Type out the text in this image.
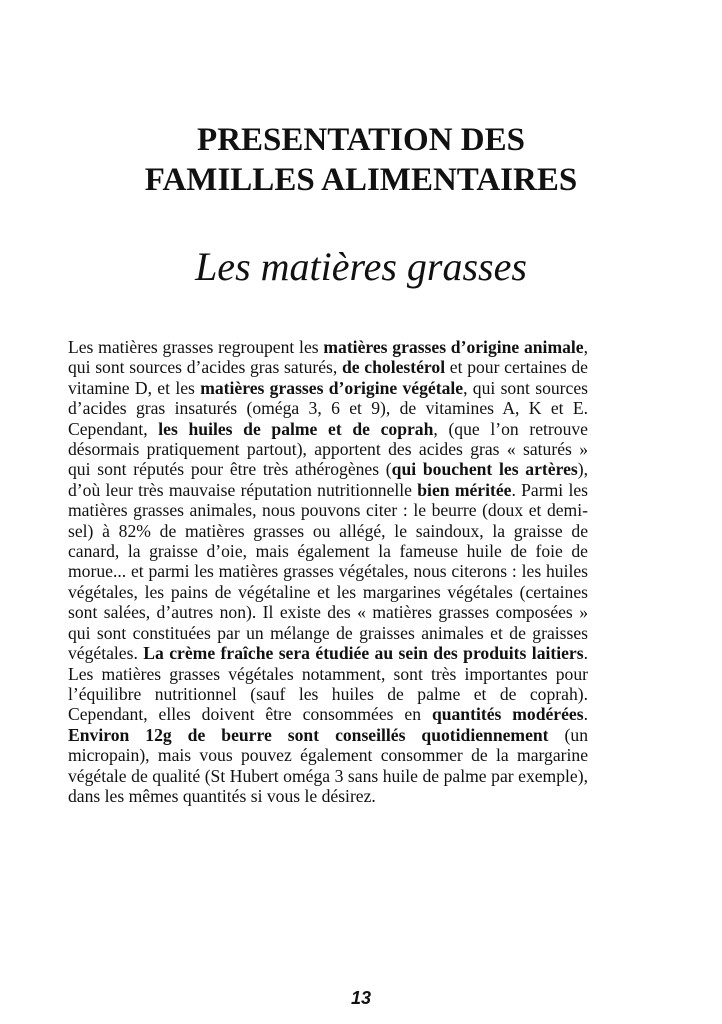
PRESENTATION DES
FAMILLES ALIMENTAIRES
Les matières grasses

Les matières grasses regroupent les matières grasses d’origine animale, qui sont sources d’acides gras saturés, de cholestérol et pour certaines de vitamine D, et les matières grasses d’origine végétale, qui sont sources d’acides gras insaturés (oméga 3, 6 et 9), de vitamines A, K et E. Cependant, les huiles de palme et de coprah, (que l’on retrouve désormais pratiquement partout), apportent des acides gras « saturés » qui sont réputés pour être très athérogènes (qui bouchent les artères), d’où leur très mauvaise réputation nutritionnelle bien méritée. Parmi les matières grasses animales, nous pouvons citer : le beurre (doux et demi-sel) à 82% de matières grasses ou allégé, le saindoux, la graisse de canard, la graisse d’oie, mais également la fameuse huile de foie de morue... et parmi les matières grasses végétales, nous citerons : les huiles végétales, les pains de végétaline et les margarines végétales (certaines sont salées, d’autres non). Il existe des « matières grasses composées » qui sont constituées par un mélange de graisses animales et de graisses végétales. La crème fraîche sera étudiée au sein des produits laitiers. Les matières grasses végétales notamment, sont très importantes pour l’équilibre nutritionnel (sauf les huiles de palme et de coprah). Cependant, elles doivent être consommées en quantités modérées. Environ 12g de beurre sont conseillés quotidiennement (un micropain), mais vous pouvez également consommer de la margarine végétale de qualité (St Hubert oméga 3 sans huile de palme par exemple), dans les mêmes quantités si vous le désirez.

13
